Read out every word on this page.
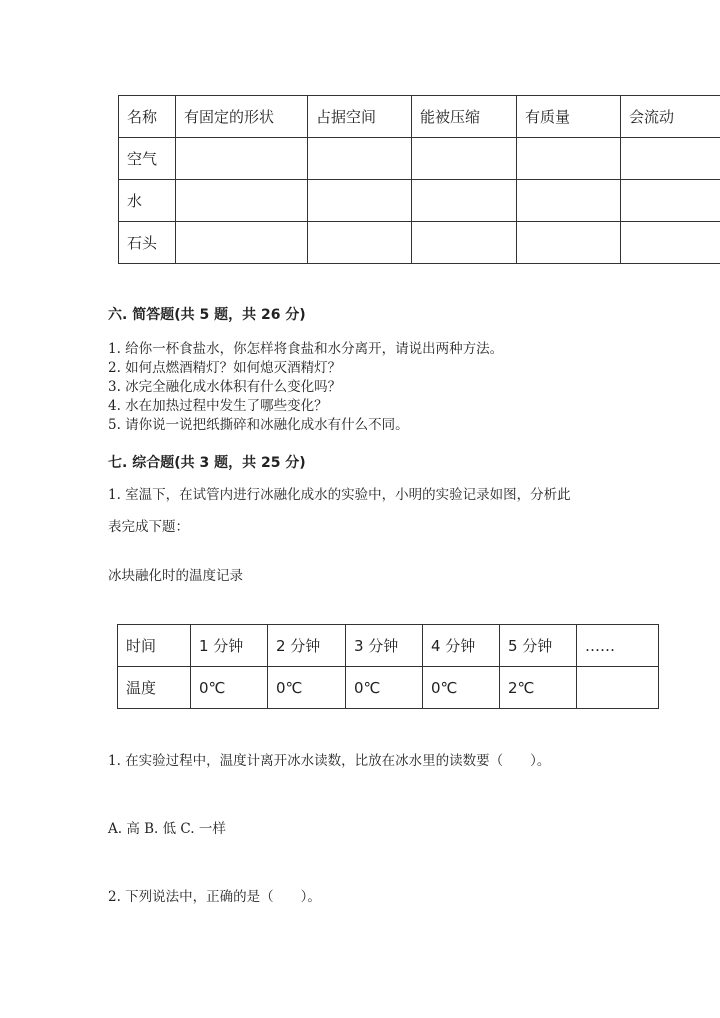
名称	有固定的形状	占据空间	能被压缩	有质量	会流动
空气					
水					
石头					
六. 简答题(共 5 题，共 26 分)
1. 给你一杯食盐水，你怎样将食盐和水分离开，请说出两种方法。
2. 如何点燃酒精灯？如何熄灭酒精灯？
3. 冰完全融化成水体积有什么变化吗？
4. 水在加热过程中发生了哪些变化？
5. 请你说一说把纸撕碎和冰融化成水有什么不同。
七. 综合题(共 3 题，共 25 分)
1. 室温下，在试管内进行冰融化成水的实验中，小明的实验记录如图，分析此
表完成下题：
冰块融化时的温度记录
时间	1 分钟	2 分钟	3 分钟	4 分钟	5 分钟	……
温度	0℃	0℃	0℃	0℃	2℃	
1. 在实验过程中，温度计离开冰水读数，比放在冰水里的读数要（　　）。
A. 高 B. 低 C. 一样
2. 下列说法中，正确的是（　　）。
